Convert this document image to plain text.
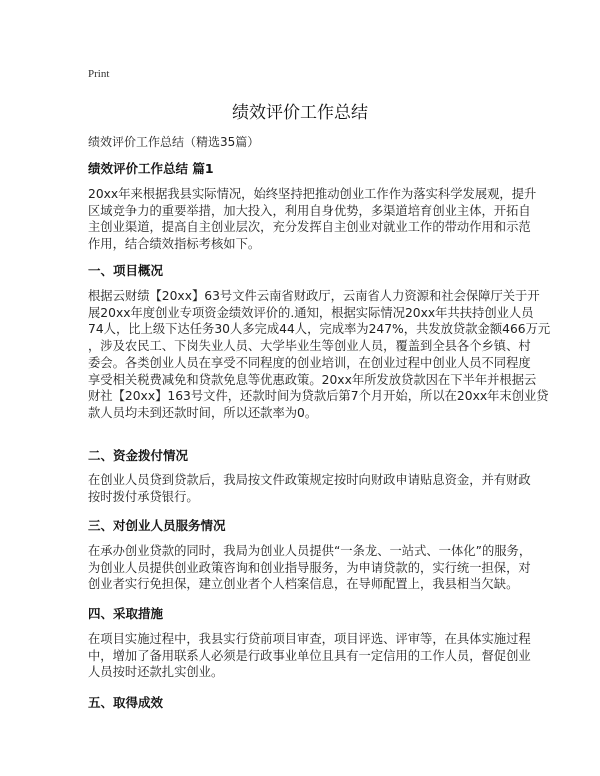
Print
绩效评价工作总结
绩效评价工作总结（精选35篇）
绩效评价工作总结 篇1
20xx年来根据我县实际情况，始终坚持把推动创业工作作为落实科学发展观，提升
区域竞争力的重要举措，加大投入，利用自身优势，多渠道培育创业主体，开拓自
主创业渠道，提高自主创业层次，充分发挥自主创业对就业工作的带动作用和示范
作用，结合绩效指标考核如下。
一、项目概况
根据云财绩【20xx】63号文件云南省财政厅，云南省人力资源和社会保障厅关于开
展20xx年度创业专项资金绩效评价的.通知，根据实际情况20xx年共扶持创业人员
74人，比上级下达任务30人多完成44人，完成率为247%，共发放贷款金额466万元
，涉及农民工、下岗失业人员、大学毕业生等创业人员，覆盖到全县各个乡镇、村
委会。各类创业人员在享受不同程度的创业培训，在创业过程中创业人员不同程度
享受相关税费减免和贷款免息等优惠政策。20xx年所发放贷款因在下半年并根据云
财社【20xx】163号文件，还款时间为贷款后第7个月开始，所以在20xx年末创业贷
款人员均未到还款时间，所以还款率为0。
二、资金拨付情况
在创业人员贷到贷款后，我局按文件政策规定按时向财政申请贴息资金，并有财政
按时拨付承贷银行。
三、对创业人员服务情况
在承办创业贷款的同时，我局为创业人员提供“一条龙、一站式、一体化”的服务，
为创业人员提供创业政策咨询和创业指导服务，为申请贷款的，实行统一担保，对
创业者实行免担保，建立创业者个人档案信息，在导师配置上，我县相当欠缺。
四、采取措施
在项目实施过程中，我县实行贷前项目审查，项目评选、评审等，在具体实施过程
中，增加了备用联系人必须是行政事业单位且具有一定信用的工作人员，督促创业
人员按时还款扎实创业。
五、取得成效
